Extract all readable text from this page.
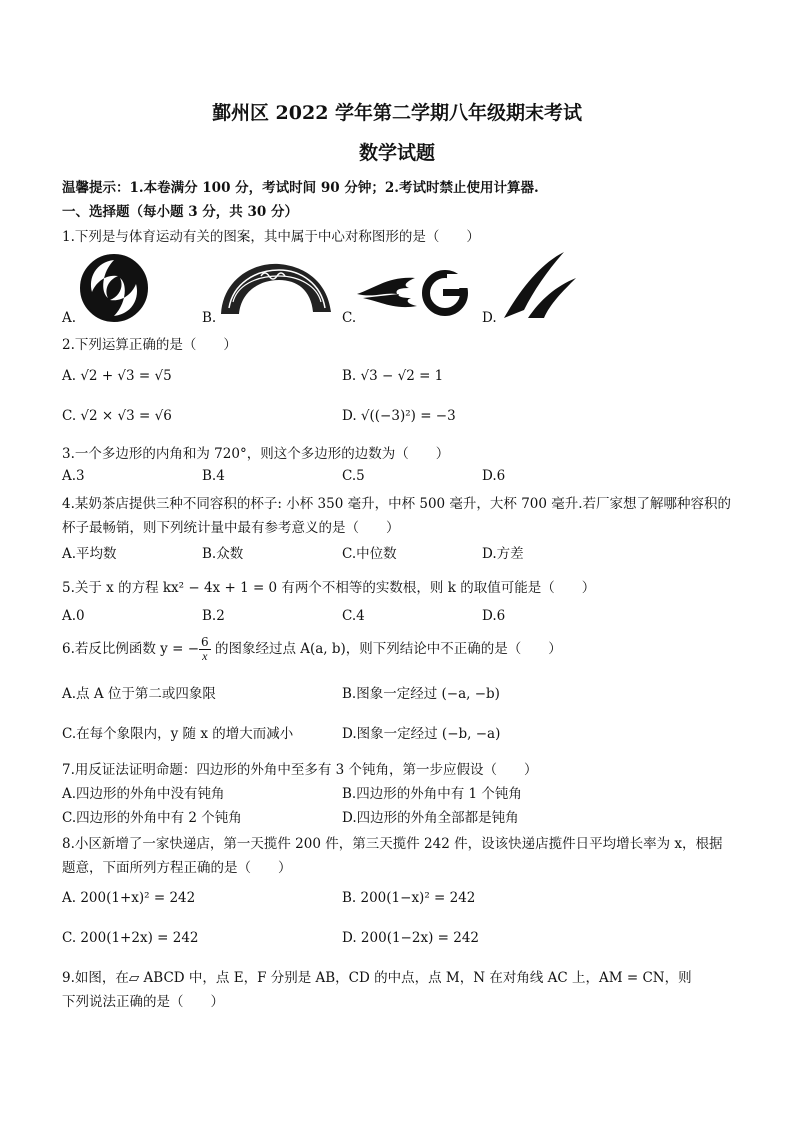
鄞州区 2022 学年第二学期八年级期末考试
数学试题
温馨提示：1.本卷满分 100 分，考试时间 90 分钟；2.考试时禁止使用计算器.
一、选择题（每小题 3 分，共 30 分）
1.下列是与体育运动有关的图案，其中属于中心对称图形的是（　　）
A.	B.	C.	D.
2.下列运算正确的是（　　）
A. √2 + √3 = √5	B. √3 − √2 = 1
C. √2 × √3 = √6	D. √((−3)²) = −3
3.一个多边形的内角和为 720°，则这个多边形的边数为（　　）
A.3	B.4	C.5	D.6
4.某奶茶店提供三种不同容积的杯子: 小杯 350 毫升，中杯 500 毫升，大杯 700 毫升.若厂家想了解哪种容积的
杯子最畅销，则下列统计量中最有参考意义的是（　　）
A.平均数	B.众数	C.中位数	D.方差
5.关于 x 的方程 kx² − 4x + 1 = 0 有两个不相等的实数根，则 k 的取值可能是（　　）
A.0	B.2	C.4	D.6
6.若反比例函数 y = − $\frac{6}{x}$ 的图象经过点 A(a, b)，则下列结论中不正确的是（　　）
A.点 A 位于第二或四象限	B.图象一定经过 (−a, −b)
C.在每个象限内，y 随 x 的增大而减小	D.图象一定经过 (−b, −a)
7.用反证法证明命题：四边形的外角中至多有 3 个钝角，第一步应假设（　　）
A.四边形的外角中没有钝角	B.四边形的外角中有 1 个钝角
C.四边形的外角中有 2 个钝角	D.四边形的外角全部都是钝角
8.小区新增了一家快递店，第一天揽件 200 件，第三天揽件 242 件，设该快递店揽件日平均增长率为 x，根据
题意，下面所列方程正确的是（　　）
A. 200(1+x)² = 242	B. 200(1−x)² = 242
C. 200(1+2x) = 242	D. 200(1−2x) = 242
9.如图，在▱ ABCD 中，点 E，F 分别是 AB，CD 的中点，点 M，N 在对角线 AC 上，AM = CN，则
下列说法正确的是（　　）
